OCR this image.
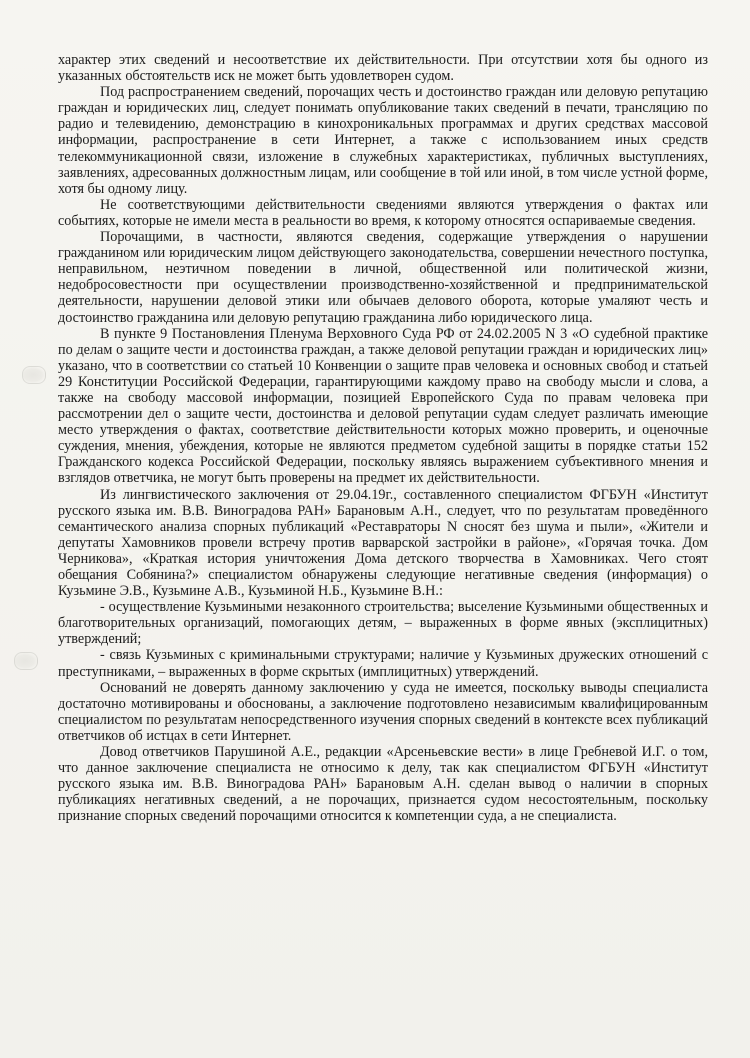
характер этих сведений и несоответствие их действительности. При отсутствии хотя бы одного из указанных обстоятельств иск не может быть удовлетворен судом.

Под распространением сведений, порочащих честь и достоинство граждан или деловую репутацию граждан и юридических лиц, следует понимать опубликование таких сведений в печати, трансляцию по радио и телевидению, демонстрацию в кинохроникальных программах и других средствах массовой информации, распространение в сети Интернет, а также с использованием иных средств телекоммуникационной связи, изложение в служебных характеристиках, публичных выступлениях, заявлениях, адресованных должностным лицам, или сообщение в той или иной, в том числе устной форме, хотя бы одному лицу.

Не соответствующими действительности сведениями являются утверждения о фактах или событиях, которые не имели места в реальности во время, к которому относятся оспариваемые сведения.

Порочащими, в частности, являются сведения, содержащие утверждения о нарушении гражданином или юридическим лицом действующего законодательства, совершении нечестного поступка, неправильном, неэтичном поведении в личной, общественной или политической жизни, недобросовестности при осуществлении производственно-хозяйственной и предпринимательской деятельности, нарушении деловой этики или обычаев делового оборота, которые умаляют честь и достоинство гражданина или деловую репутацию гражданина либо юридического лица.

В пункте 9 Постановления Пленума Верховного Суда РФ от 24.02.2005 N 3 «О судебной практике по делам о защите чести и достоинства граждан, а также деловой репутации граждан и юридических лиц» указано, что в соответствии со статьей 10 Конвенции о защите прав человека и основных свобод и статьей 29 Конституции Российской Федерации, гарантирующими каждому право на свободу мысли и слова, а также на свободу массовой информации, позицией Европейского Суда по правам человека при рассмотрении дел о защите чести, достоинства и деловой репутации судам следует различать имеющие место утверждения о фактах, соответствие действительности которых можно проверить, и оценочные суждения, мнения, убеждения, которые не являются предметом судебной защиты в порядке статьи 152 Гражданского кодекса Российской Федерации, поскольку являясь выражением субъективного мнения и взглядов ответчика, не могут быть проверены на предмет их действительности.

Из лингвистического заключения от 29.04.19г., составленного специалистом ФГБУН «Институт русского языка им. В.В. Виноградова РАН» Барановым А.Н., следует, что по результатам проведённого семантического анализа спорных публикаций «Реставраторы N сносят без шума и пыли», «Жители и депутаты Хамовников провели встречу против варварской застройки в районе», «Горячая точка. Дом Черникова», «Краткая история уничтожения Дома детского творчества в Хамовниках. Чего стоят обещания Собянина?» специалистом обнаружены следующие негативные сведения (информация) о Кузьмине Э.В., Кузьмине А.В., Кузьминой Н.Б., Кузьмине В.Н.:

- осуществление Кузьмиными незаконного строительства; выселение Кузьмиными общественных и благотворительных организаций, помогающих детям, – выраженных в форме явных (эксплицитных) утверждений;

- связь Кузьминых с криминальными структурами; наличие у Кузьминых дружеских отношений с преступниками, – выраженных в форме скрытых (имплицитных) утверждений.

Оснований не доверять данному заключению у суда не имеется, поскольку выводы специалиста достаточно мотивированы и обоснованы, а заключение подготовлено независимым квалифицированным специалистом по результатам непосредственного изучения спорных сведений в контексте всех публикаций ответчиков об истцах в сети Интернет.

Довод ответчиков Парушиной А.Е., редакции «Арсеньевские вести» в лице Гребневой И.Г. о том, что данное заключение специалиста не относимо к делу, так как специалистом ФГБУН «Институт русского языка им. В.В. Виноградова РАН» Барановым А.Н. сделан вывод о наличии в спорных публикациях негативных сведений, а не порочащих, признается судом несостоятельным, поскольку признание спорных сведений порочащими относится к компетенции суда, а не специалиста.
